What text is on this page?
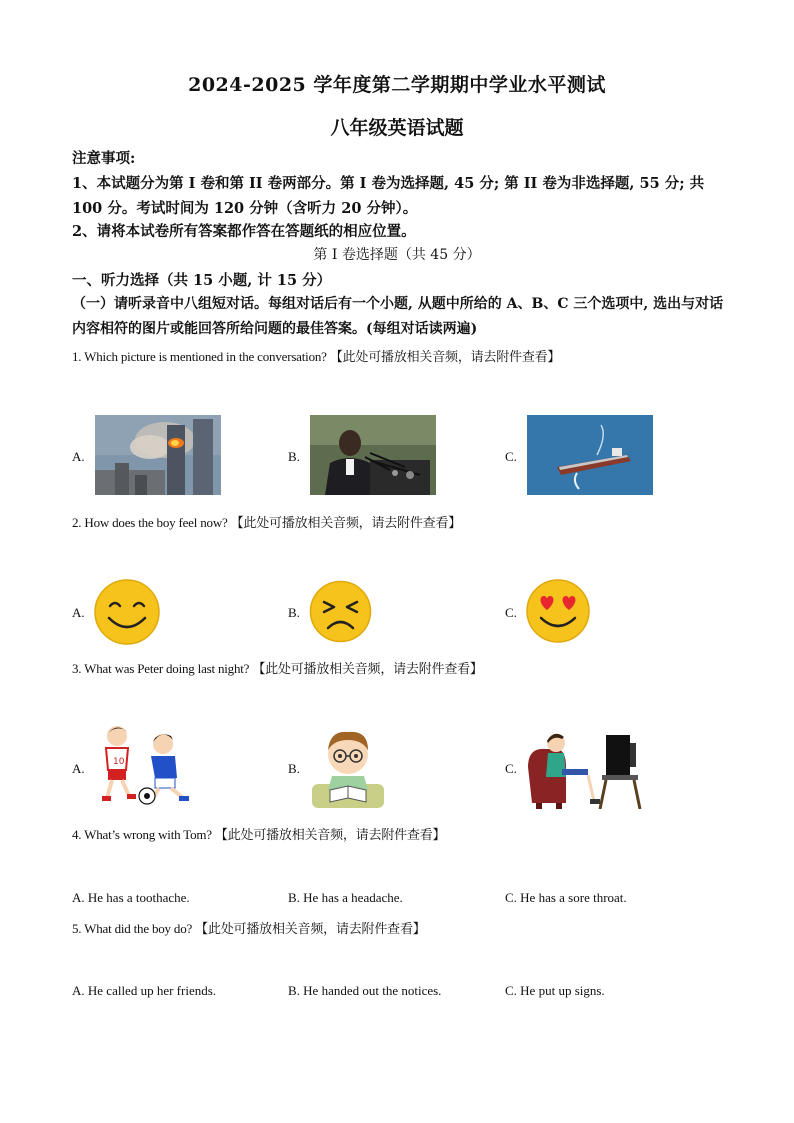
2024-2025 学年度第二学期期中学业水平测试
八年级英语试题
注意事项:
1、本试题分为第 I 卷和第 II 卷两部分。第 I 卷为选择题, 45 分; 第 II 卷为非选择题, 55 分; 共 100 分。考试时间为 120 分钟（含听力 20 分钟）。
2、请将本试卷所有答案都作答在答题纸的相应位置。
第 I 卷选择题（共 45 分）
一、听力选择（共 15 小题, 计 15 分）
（一）请听录音中八组短对话。每组对话后有一个小题, 从题中所给的 A、B、C 三个选项中, 选出与对话内容相符的图片或能回答所给问题的最佳答案。(每组对话读两遍)
1. Which picture is mentioned in the conversation? 【此处可播放相关音频，请去附件查看】
A.	B.	C.
2. How does the boy feel now? 【此处可播放相关音频，请去附件查看】
A.	B.	C.
3. What was Peter doing last night? 【此处可播放相关音频，请去附件查看】
A.	B.	C.
10
4. What’s wrong with Tom? 【此处可播放相关音频，请去附件查看】
A. He has a toothache.	B. He has a headache.	C. He has a sore throat.
5. What did the boy do? 【此处可播放相关音频，请去附件查看】
A. He called up her friends.	B. He handed out the notices.	C. He put up signs.
